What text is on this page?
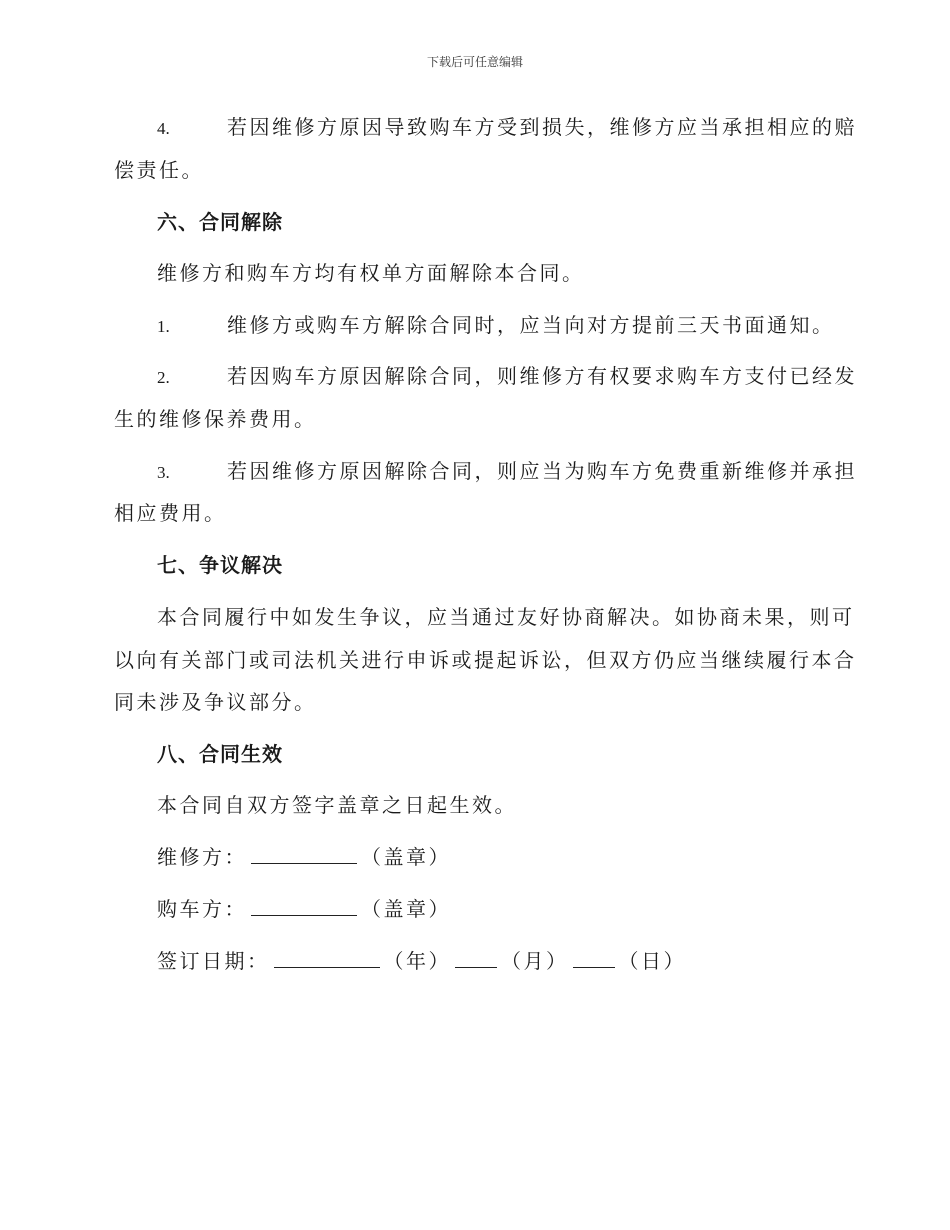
下载后可任意编辑
4.	若因维修方原因导致购车方受到损失，维修方应当承担相应的赔
偿责任。
六、合同解除
维修方和购车方均有权单方面解除本合同。
1.	维修方或购车方解除合同时，应当向对方提前三天书面通知。
2.	若因购车方原因解除合同，则维修方有权要求购车方支付已经发
生的维修保养费用。
3.	若因维修方原因解除合同，则应当为购车方免费重新维修并承担
相应费用。
七、争议解决
本合同履行中如发生争议，应当通过友好协商解决。如协商未果，则可
以向有关部门或司法机关进行申诉或提起诉讼，但双方仍应当继续履行本合
同未涉及争议部分。
八、合同生效
本合同自双方签字盖章之日起生效。
维修方：	（盖章）
购车方：	（盖章）
签订日期：	（年）	（月）	（日）
